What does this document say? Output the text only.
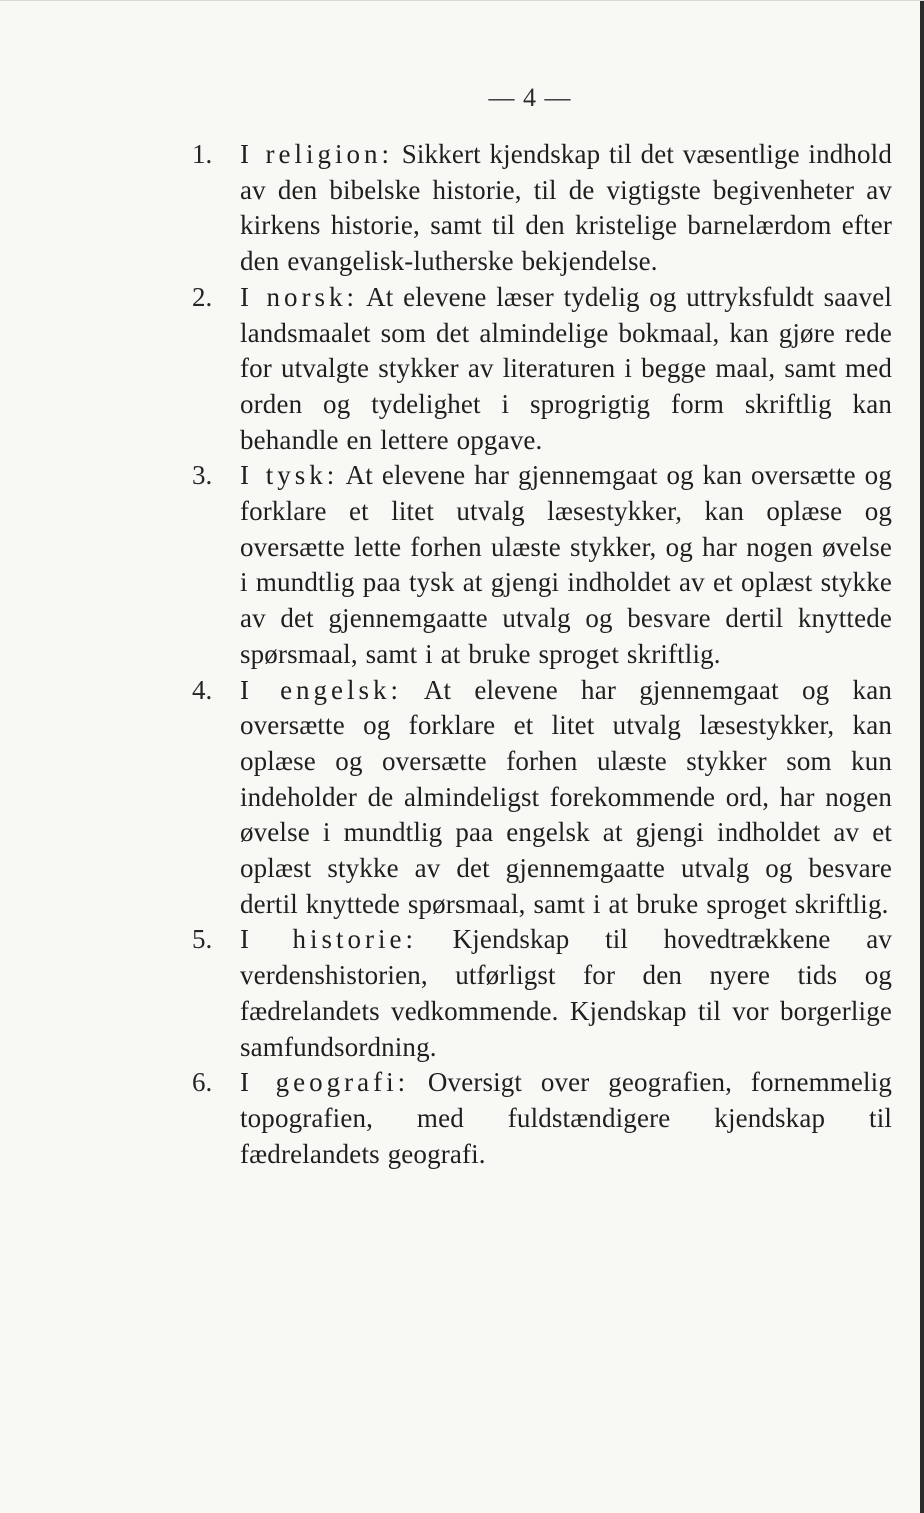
— 4 —
1.	I religion: Sikkert kjendskap til det væsentlige indhold av den bibelske historie, til de vigtigste begivenheter av kirkens historie, samt til den kristelige barnelærdom efter den evangelisk-lutherske bekjendelse.
2.	I norsk: At elevene læser tydelig og uttryksfuldt saavel landsmaalet som det almindelige bokmaal, kan gjøre rede for utvalgte stykker av literaturen i begge maal, samt med orden og tydelighet i sprogrigtig form skriftlig kan behandle en lettere opgave.
3.	I tysk: At elevene har gjennemgaat og kan oversætte og forklare et litet utvalg læsestykker, kan oplæse og oversætte lette forhen ulæste stykker, og har nogen øvelse i mundtlig paa tysk at gjengi indholdet av et oplæst stykke av det gjennemgaatte utvalg og besvare dertil knyttede spørsmaal, samt i at bruke sproget skriftlig.
4.	I engelsk: At elevene har gjennemgaat og kan oversætte og forklare et litet utvalg læsestykker, kan oplæse og oversætte forhen ulæste stykker som kun indeholder de almindeligst forekommende ord, har nogen øvelse i mundtlig paa engelsk at gjengi indholdet av et oplæst stykke av det gjennemgaatte utvalg og besvare dertil knyttede spørsmaal, samt i at bruke sproget skriftlig.
5.	I historie: Kjendskap til hovedtrækkene av verdenshistorien, utførligst for den nyere tids og fædrelandets vedkommende. Kjendskap til vor borgerlige samfundsordning.
6.	I geografi: Oversigt over geografien, fornemmelig topografien, med fuldstændigere kjendskap til fædrelandets geografi.
